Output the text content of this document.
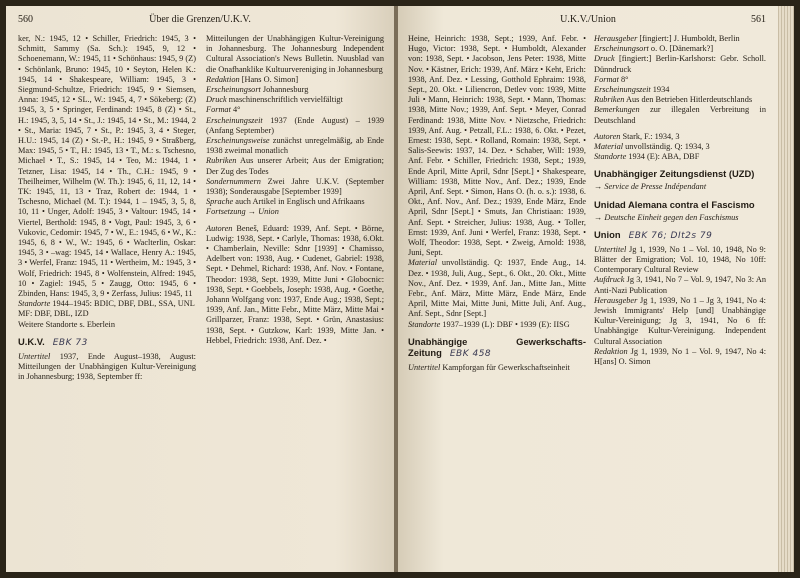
560	Über die Grenzen/U.K.V.

ker, N.: 1945, 12 • Schiller, Friedrich: 1945, 3 • Schmitt, Sammy (Sa. Sch.): 1945, 9, 12 • Schoenemann, W.: 1945, 11 • Schönhaus: 1945, 9 (Z) • Schönlank, Bruno: 1945, 10 • Seyton, Helen K.: 1945, 14 • Shakespeare, William: 1945, 3 • Siegmund-Schultze, Friedrich: 1945, 9 • Siemsen, Anna: 1945, 12 • SL., W.: 1945, 4, 7 • Sökeberg: (Z) 1945, 3, 5 • Springer, Ferdinand: 1945, 8 (Z) • St., H.: 1945, 3, 5, 14 • St., J.: 1945, 14 • St., M.: 1944, 2 • St., Maria: 1945, 7 • St., P.: 1945, 3, 4 • Steger, H.U.: 1945, 14 (Z) • St.-P., H.: 1945, 9 • Straßberg, Max: 1945, 5 • T., H.: 1945, 13 • T., M.: s. Tschesno, Michael • T., S.: 1945, 14 • Teo, M.: 1944, 1 • Tetzner, Lisa: 1945, 14 • Th., C.H.: 1945, 9 • Theilheimer, Wilhelm (W. Th.): 1945, 6, 11, 12, 14 • TK: 1945, 11, 13 • Traz, Robert de: 1944, 1 • Tschesno, Michael (M. T.): 1944, 1 – 1945, 3, 5, 8, 10, 11 • Unger, Adolf: 1945, 3 • Valtour: 1945, 14 • Viertel, Berthold: 1945, 8 • Vogt, Paul: 1945, 3, 6 • Vukovic, Cedomir: 1945, 7 • W., E.: 1945, 6 • W., K.: 1945, 6, 8 • W., W.: 1945, 6 • Waclterlin, Oskar: 1945, 3 • –wag: 1945, 14 • Wallace, Henry A.: 1945, 3 • Werfel, Franz: 1945, 11 • Wertheim, M.: 1945, 3 • Wolf, Friedrich: 1945, 8 • Wolfenstein, Alfred: 1945, 10 • Zagiel: 1945, 5 • Zaugg, Otto: 1945, 6 • Zbinden, Hans: 1945, 3, 9 • Zerfass, Julius: 1945, 11

Standorte 1944–1945: BDIC, DBF, DBL, SSA, UNL

MF: DBF, DBL, IZD

Weitere Standorte s. Eberlein

U.K.V. EBK 73

Untertitel 1937, Ende August–1938, August: Mitteilungen der Unabhängigen Kultur-Vereinigung in Johannesburg; 1938, September ff:

Mitteilungen der Unabhängigen Kultur-Vereinigung in Johannesburg. The Johannesburg Independent Cultural Association's News Bulletin. Nuusblad van die Onafhanklike Kultuurvereniging in Johannesburg

Redaktion [Hans O. Simon]

Erscheinungsort Johannesburg

Druck maschinenschriftlich vervielfältigt

Format 4°

Erscheinungszeit 1937 (Ende August) – 1939 (Anfang September)

Erscheinungsweise zunächst unregelmäßig, ab Ende 1938 zweimal monatlich

Rubriken Aus unserer Arbeit; Aus der Emigration; Der Zug des Todes

Sondernummern Zwei Jahre U.K.V. (September 1938); Sonderausgabe [September 1939]

Sprache auch Artikel in Englisch und Afrikaans

Fortsetzung → Union

Autoren Beneš, Eduard: 1939, Anf. Sept. • Börne, Ludwig: 1938, Sept. • Carlyle, Thomas: 1938, 6.Okt. • Chamberlain, Neville: Sdnr [1939] • Chamisso, Adelbert von: 1938, Aug. • Cudenet, Gabriel: 1938, Sept. • Dehmel, Richard: 1938, Anf. Nov. • Fontane, Theodor: 1938, Sept. 1939, Mitte Juni • Globocnic: 1938, Sept. • Goebbels, Joseph: 1938, Aug. • Goethe, Johann Wolfgang von: 1937, Ende Aug.; 1938, Sept.; 1939, Anf. Jan., Mitte Febr., Mitte März, Mitte Mai • Grillparzer, Franz: 1938, Sept. • Grün, Anastasius: 1938, Sept. • Gutzkow, Karl: 1939, Mitte Jan. • Hebbel, Friedrich: 1938, Anf. Dez. •

U.K.V./Union	561

Heine, Heinrich: 1938, Sept.; 1939, Anf. Febr. • Hugo, Victor: 1938, Sept. • Humboldt, Alexander von: 1938, Sept. • Jacobson, Jens Peter: 1938, Mitte Nov. • Kästner, Erich: 1939, Anf. März • Keht, Erich: 1938, Anf. Dez. • Lessing, Gotthold Ephraim: 1938, Sept., 20. Okt. • Liliencron, Detlev von: 1939, Mitte Juli • Mann, Heinrich: 1938, Sept. • Mann, Thomas: 1938, Mitte Nov.; 1939, Anf. Sept. • Meyer, Conrad Ferdinand: 1938, Mitte Nov. • Nietzsche, Friedrich: 1939, Anf. Aug. • Petzall, F.L.: 1938, 6. Okt. • Pezet, Ernest: 1938, Sept. • Rolland, Romain: 1938, Sept. • Salis-Seewis: 1937, 14. Dez. • Schaber, Will: 1939, Anf. Febr. • Schiller, Friedrich: 1938, Sept.; 1939, Ende April, Mitte April, Sdnr [Sept.] • Shakespeare, William: 1938, Mitte Nov., Anf. Dez.; 1939, Ende April, Anf. Sept. • Simon, Hans O. (h. o. s.): 1938, 6. Okt., Anf. Nov., Anf. Dez.; 1939, Ende März, Ende April, Sdnr [Sept.] • Smuts, Jan Christiaan: 1939, Anf. Sept. • Streicher, Julius: 1938, Aug. • Toller, Ernst: 1939, Anf. Juni • Werfel, Franz: 1938, Sept. • Wolf, Theodor: 1938, Sept. • Zweig, Arnold: 1938, Juni, Sept.

Material unvollständig. Q: 1937, Ende Aug., 14. Dez. • 1938, Juli, Aug., Sept., 6. Okt., 20. Okt., Mitte Nov., Anf. Dez. • 1939, Anf. Jan., Mitte Jan., Mitte Febr., Anf. März, Mitte März, Ende März, Ende April, Mitte Mai, Mitte Juni, Mitte Juli, Anf. Aug., Anf. Sept., Sdnr [Sept.]

Standorte 1937–1939 (L): DBF • 1939 (E): IISG

Unabhängige Gewerkschafts-Zeitung EBK 458

Untertitel Kampforgan für Gewerkschaftseinheit

Herausgeber [fingiert:] J. Humboldt, Berlin

Erscheinungsort o. O. [Dänemark?]

Druck [fingiert:] Berlin-Karlshorst: Gebr. Scholl. Dünndruck

Format 8°

Erscheinungszeit 1934

Rubriken Aus den Betrieben Hitlerdeutschlands

Bemerkungen zur illegalen Verbreitung in Deutschland

Autoren Stark, F.: 1934, 3

Material unvollständig. Q: 1934, 3

Standorte 1934 (E): ABA, DBF

Unabhängiger Zeitungsdienst (UZD)

→ Service de Presse Indépendant

Unidad Alemana contra el Fascismo

→ Deutsche Einheit gegen den Faschismus

Union EBK 76; DIt2s 79

Untertitel Jg 1, 1939, No 1 – Vol. 10, 1948, No 9: Blätter der Emigration; Vol. 10, 1948, No 10ff: Contemporary Cultural Review

Aufdruck Jg 3, 1941, No 7 – Vol. 9, 1947, No 3: An Anti-Nazi Publication

Herausgeber Jg 1, 1939, No 1 – Jg 3, 1941, No 4: Jewish Immigrants' Help [und] Unabhängige Kultur-Vereinigung; Jg 3, 1941, No 6 ff: Unabhängige Kultur-Vereinigung. Independent Cultural Association

Redaktion Jg 1, 1939, No 1 – Vol. 9, 1947, No 4: H[ans] O. Simon
